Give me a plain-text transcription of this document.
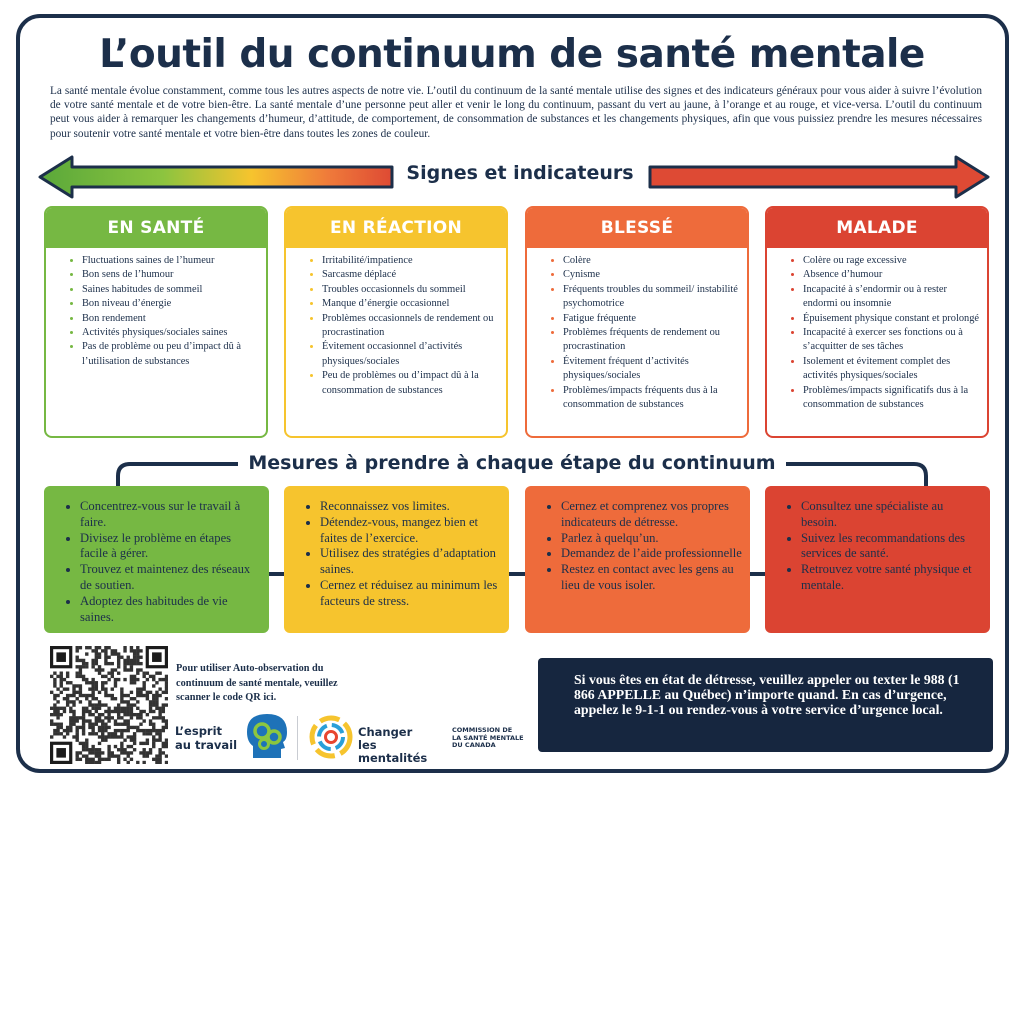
L’outil du continuum de santé mentale

La santé mentale évolue constamment, comme tous les autres aspects de notre vie. L’outil du continuum de la santé mentale utilise des signes et des indicateurs généraux pour vous aider à suivre l’évolution de votre santé mentale et de votre bien-être. La santé mentale d’une personne peut aller et venir le long du continuum, passant du vert au jaune, à l’orange et au rouge, et vice-versa. L’outil du continuum peut vous aider à remarquer les changements d’humeur, d’attitude, de comportement, de consommation de substances et les changements physiques, afin que vous puissiez prendre les mesures nécessaires pour soutenir votre santé mentale et votre bien-être dans toutes les zones de couleur.

Signes et indicateurs
EN SANTÉ
• Fluctuations saines de l’humeur
• Bon sens de l’humour
• Saines habitudes de sommeil
• Bon niveau d’énergie
• Bon rendement
• Activités physiques/sociales saines
• Pas de problème ou peu d’impact dû à l’utilisation de substances
EN RÉACTION
• Irritabilité/impatience
• Sarcasme déplacé
• Troubles occasionnels du sommeil
• Manque d’énergie occasionnel
• Problèmes occasionnels de rendement ou procrastination
• Évitement occasionnel d’activités physiques/sociales
• Peu de problèmes ou d’impact dû à la consommation de substances
BLESSÉ
• Colère
• Cynisme
• Fréquents troubles du sommeil/ instabilité psychomotrice
• Fatigue fréquente
• Problèmes fréquents de rendement ou procrastination
• Évitement fréquent d’activités physiques/sociales
• Problèmes/impacts fréquents dus à la consommation de substances
MALADE
• Colère ou rage excessive
• Absence d’humour
• Incapacité à s’endormir ou à rester endormi ou insomnie
• Épuisement physique constant et prolongé
• Incapacité à exercer ses fonctions ou à s’acquitter de ses tâches
• Isolement et évitement complet des activités physiques/sociales
• Problèmes/impacts significatifs dus à la consommation de substances
Mesures à prendre à chaque étape du continuum
• Concentrez-vous sur le travail à faire.
• Divisez le problème en étapes facile à gérer.
• Trouvez et maintenez des réseaux de soutien.
• Adoptez des habitudes de vie saines.
• Reconnaissez vos limites.
• Détendez-vous, mangez bien et faites de l’exercice.
• Utilisez des stratégies d’adaptation saines.
• Cernez et réduisez au minimum les facteurs de stress.
• Cernez et comprenez vos propres indicateurs de détresse.
• Parlez à quelqu’un.
• Demandez de l’aide professionnelle
• Restez en contact avec les gens au lieu de vous isoler.
• Consultez une spécialiste au besoin.
• Suivez les recommandations des services de santé.
• Retrouvez votre santé physique et mentale.

Pour utiliser Auto-observation du continuum de santé mentale, veuillez scanner le code QR ici.

L’esprit
au travail
Changer
les mentalités
COMMISSION DE
LA SANTÉ MENTALE
DU CANADA

Si vous êtes en état de détresse, veuillez appeler ou texter le 988 (1 866 APPELLE au Québec) n’importe quand. En cas d’urgence, appelez le 9-1-1 ou rendez-vous à votre service d’urgence local.
